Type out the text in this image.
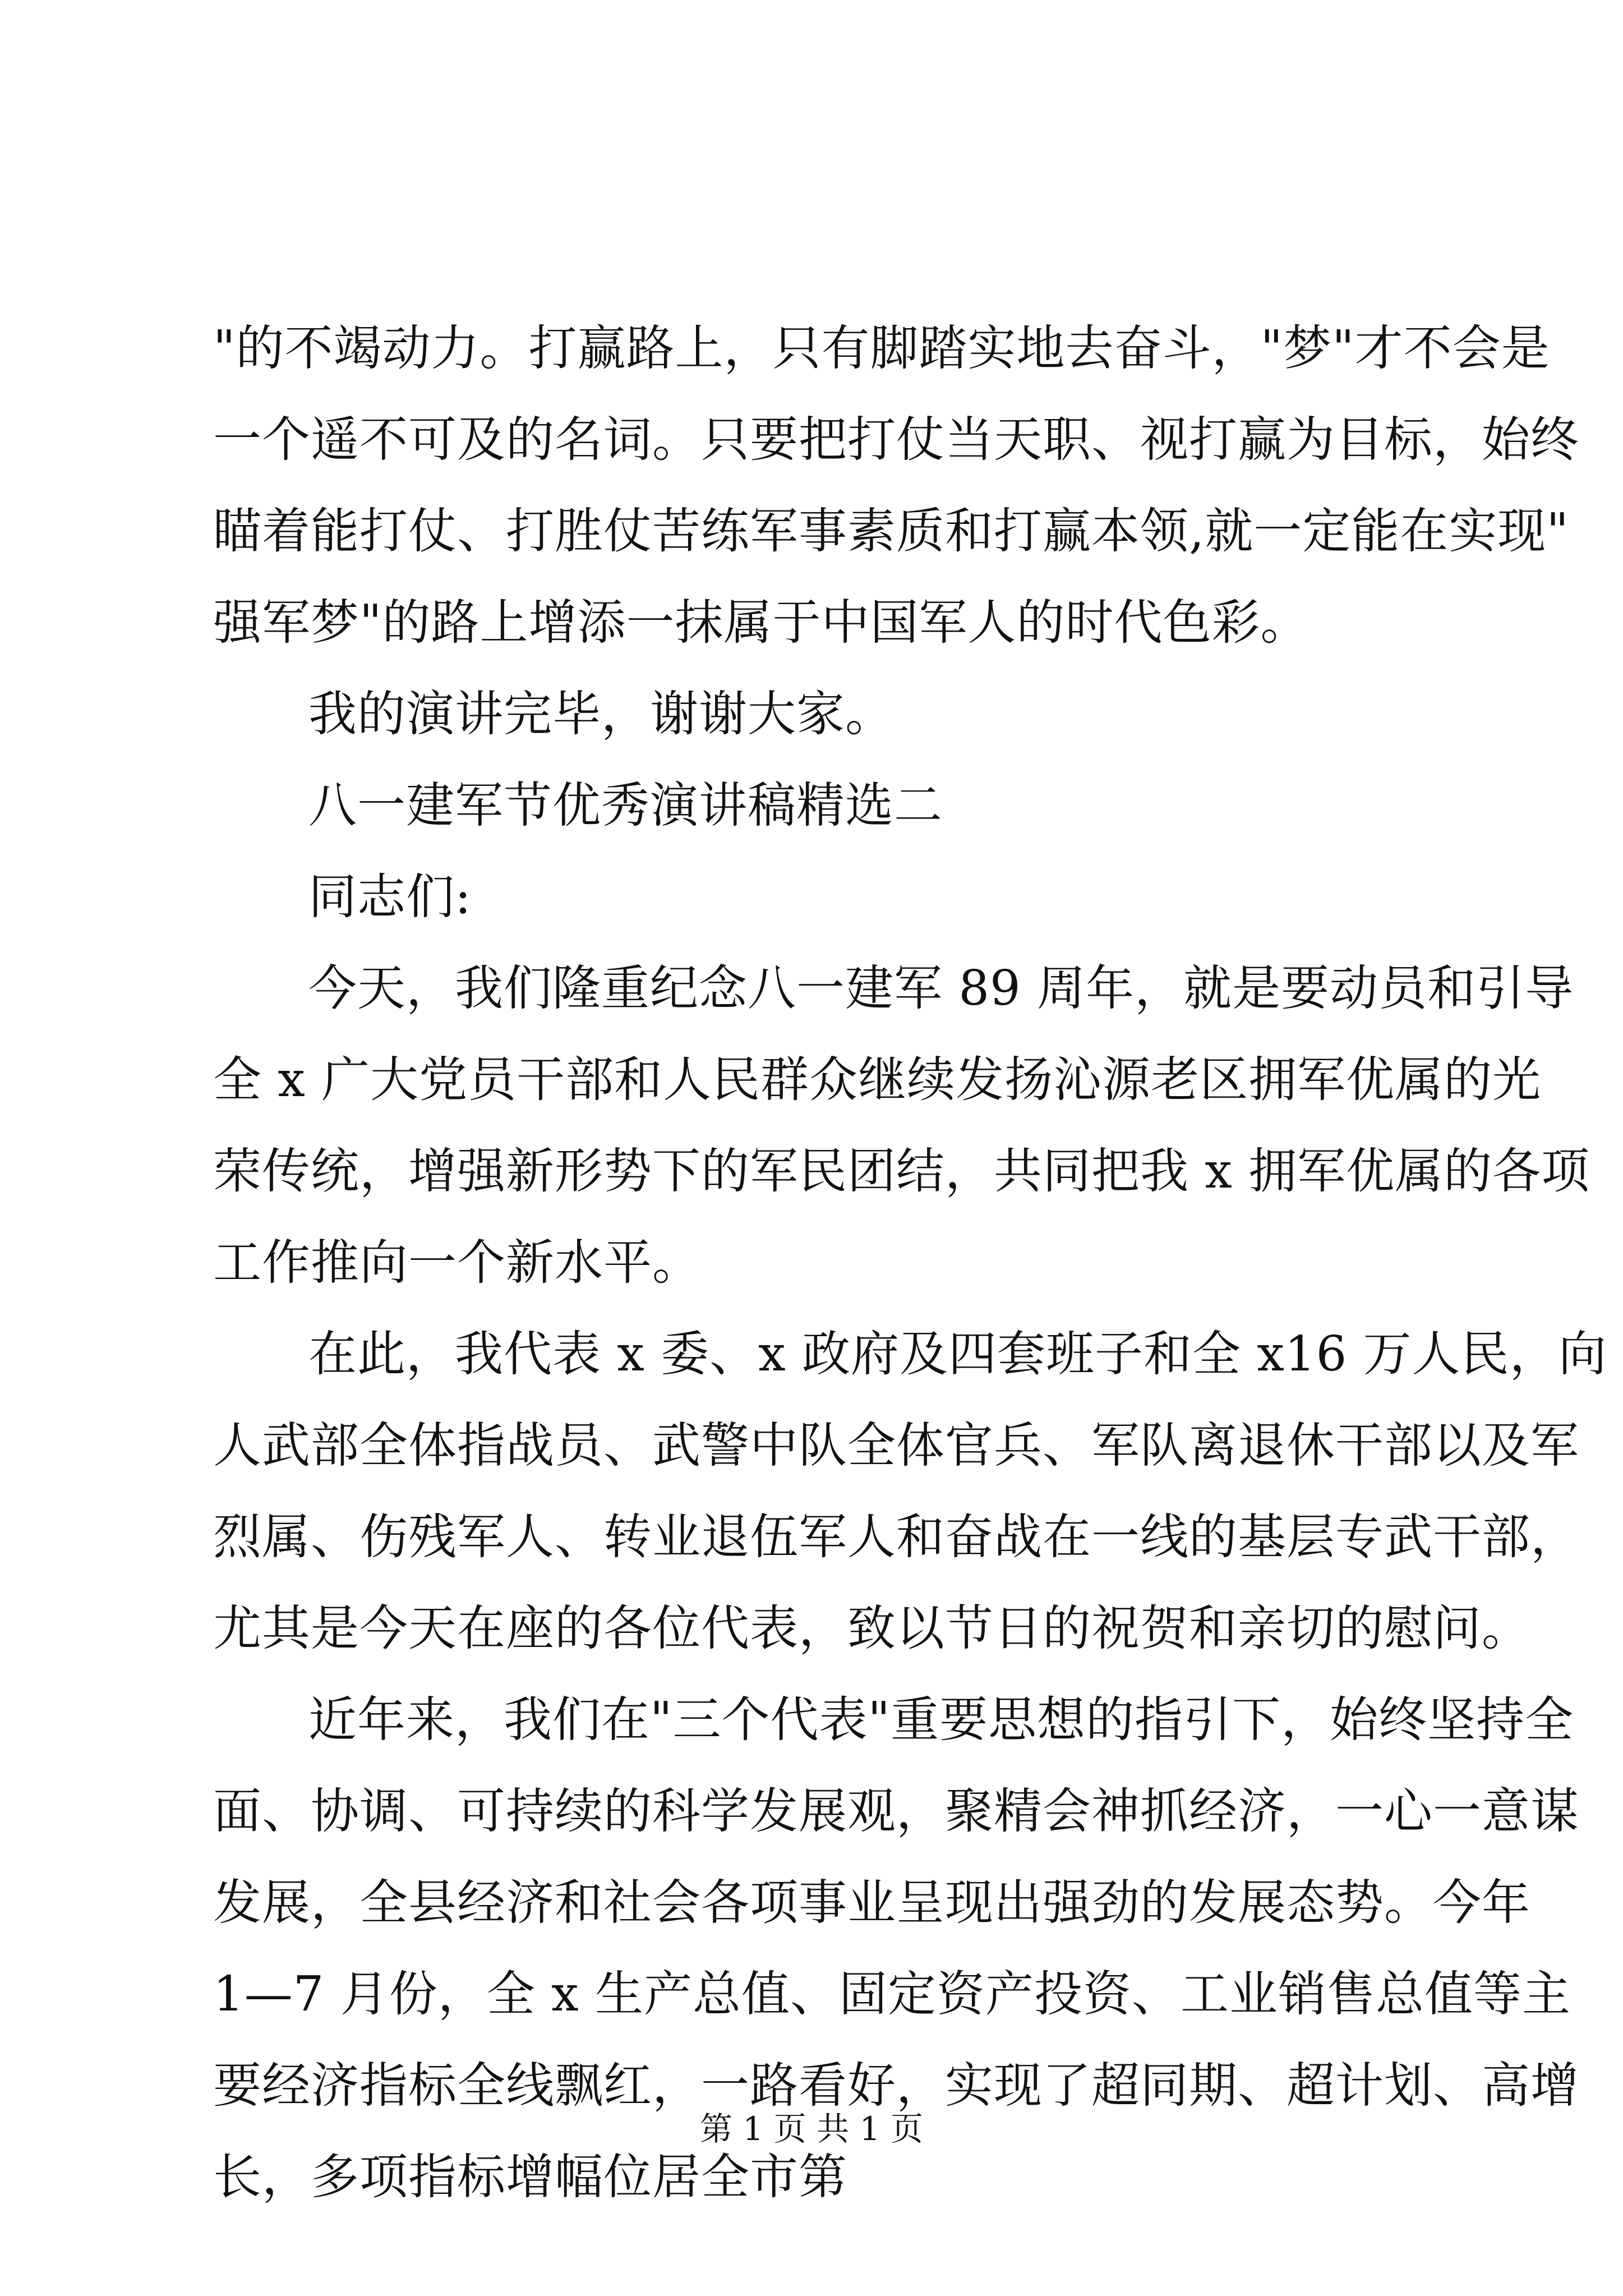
"的不竭动力。打赢路上，只有脚踏实地去奋斗，"梦"才不会是
一个遥不可及的名词。只要把打仗当天职、视打赢为目标，始终
瞄着能打仗、打胜仗苦练军事素质和打赢本领,就一定能在实现"
强军梦"的路上增添一抹属于中国军人的时代色彩。
我的演讲完毕，谢谢大家。
八一建军节优秀演讲稿精选二
同志们:
今天，我们隆重纪念八一建军 89 周年，就是要动员和引导
全 x 广大党员干部和人民群众继续发扬沁源老区拥军优属的光
荣传统，增强新形势下的军民团结，共同把我 x 拥军优属的各项
工作推向一个新水平。
在此，我代表 x 委、x 政府及四套班子和全 x16 万人民，向
人武部全体指战员、武警中队全体官兵、军队离退休干部以及军
烈属、伤残军人、转业退伍军人和奋战在一线的基层专武干部，
尤其是今天在座的各位代表，致以节日的祝贺和亲切的慰问。
近年来，我们在"三个代表"重要思想的指引下，始终坚持全
面、协调、可持续的科学发展观，聚精会神抓经济，一心一意谋
发展，全县经济和社会各项事业呈现出强劲的发展态势。今年
1—7 月份，全 x 生产总值、固定资产投资、工业销售总值等主
要经济指标全线飘红，一路看好，实现了超同期、超计划、高增
长，多项指标增幅位居全市第
第 1 页 共 1 页
